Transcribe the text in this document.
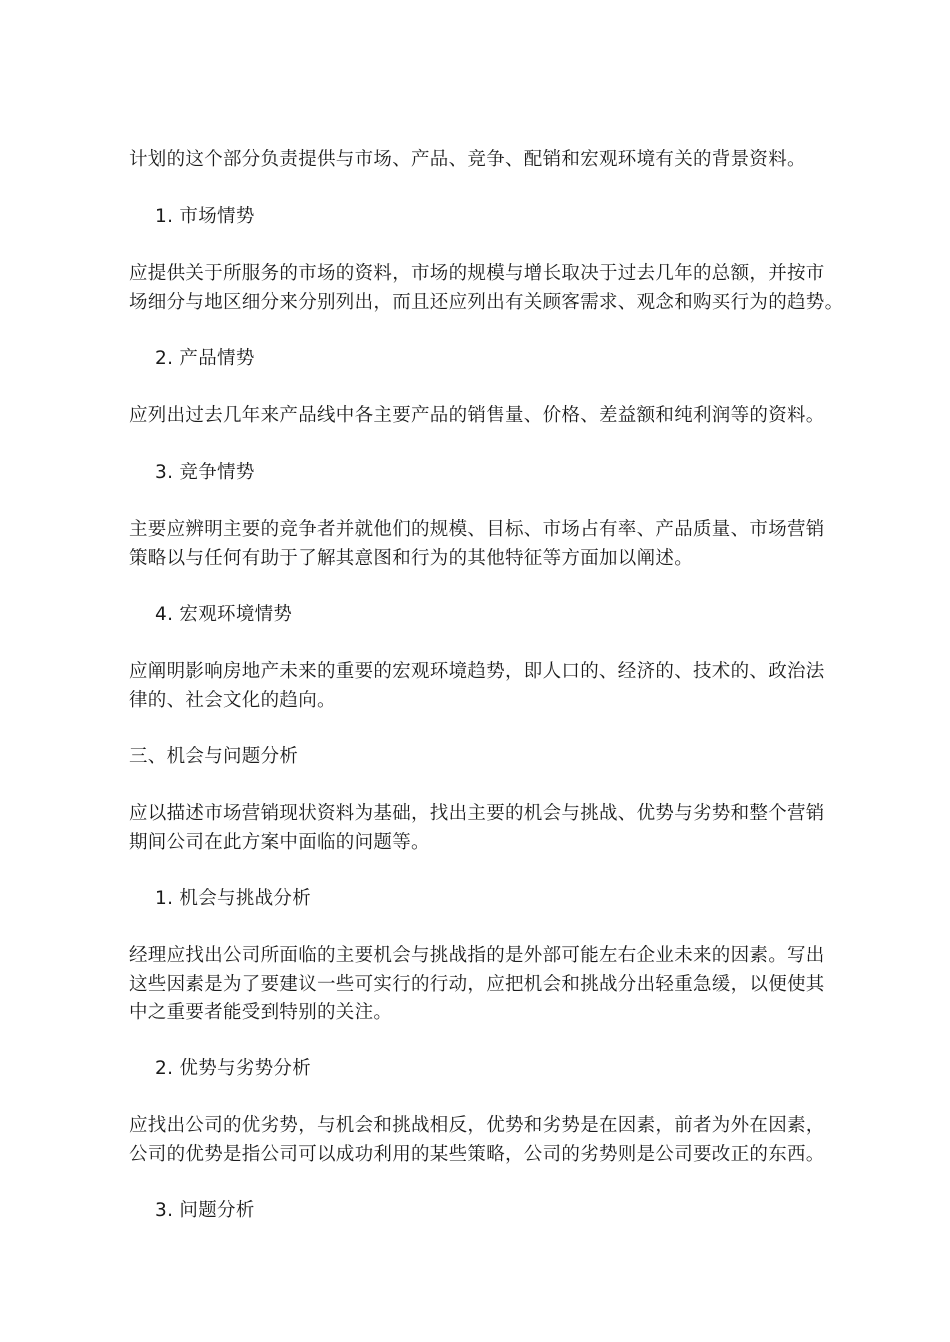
计划的这个部分负责提供与市场、产品、竞争、配销和宏观环境有关的背景资料。

1. 市场情势

应提供关于所服务的市场的资料，市场的规模与增长取决于过去几年的总额，并按市
场细分与地区细分来分别列出，而且还应列出有关顾客需求、观念和购买行为的趋势。

2. 产品情势

应列出过去几年来产品线中各主要产品的销售量、价格、差益额和纯利润等的资料。

3. 竞争情势

主要应辨明主要的竞争者并就他们的规模、目标、市场占有率、产品质量、市场营销
策略以与任何有助于了解其意图和行为的其他特征等方面加以阐述。

4. 宏观环境情势

应阐明影响房地产未来的重要的宏观环境趋势，即人口的、经济的、技术的、政治法
律的、社会文化的趋向。

三、机会与问题分析

应以描述市场营销现状资料为基础，找出主要的机会与挑战、优势与劣势和整个营销
期间公司在此方案中面临的问题等。

1. 机会与挑战分析

经理应找出公司所面临的主要机会与挑战指的是外部可能左右企业未来的因素。写出
这些因素是为了要建议一些可实行的行动，应把机会和挑战分出轻重急缓，以便使其
中之重要者能受到特别的关注。

2. 优势与劣势分析

应找出公司的优劣势，与机会和挑战相反，优势和劣势是在因素，前者为外在因素，
公司的优势是指公司可以成功利用的某些策略，公司的劣势则是公司要改正的东西。

3. 问题分析
